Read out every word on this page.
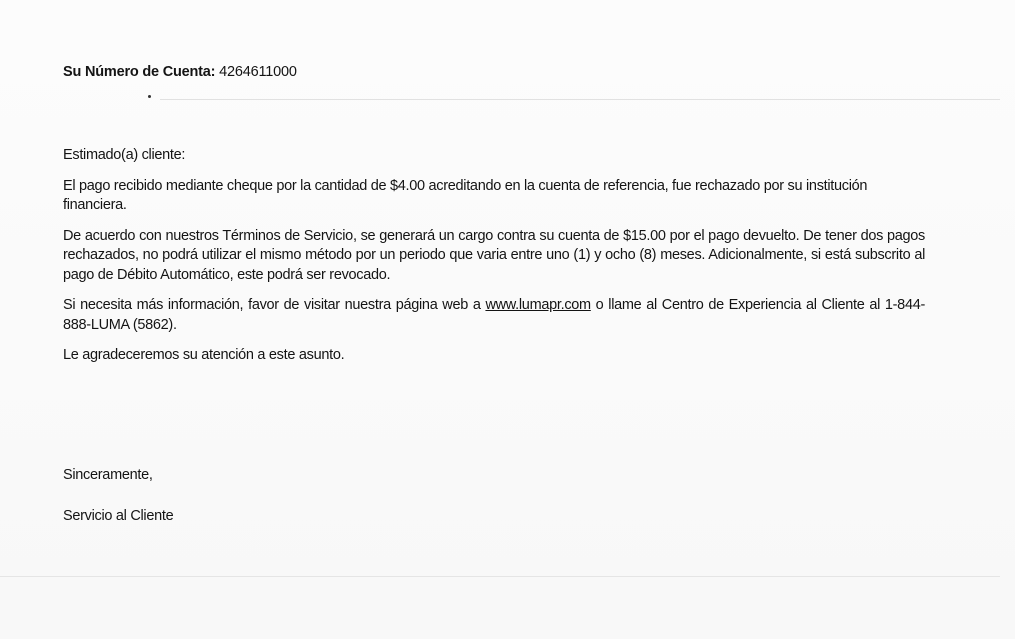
Su Número de Cuenta: 4264611000

Estimado(a) cliente:

El pago recibido mediante cheque por la cantidad de $4.00 acreditando en la cuenta de referencia, fue rechazado por su institución financiera.

De acuerdo con nuestros Términos de Servicio, se generará un cargo contra su cuenta de $15.00 por el pago devuelto. De tener dos pagos rechazados, no podrá utilizar el mismo método por un periodo que varia entre uno (1) y ocho (8) meses. Adicionalmente, si está subscrito al pago de Débito Automático, este podrá ser revocado.

Si necesita más información, favor de visitar nuestra página web a www.lumapr.com o llame al Centro de Experiencia al Cliente al 1-844-888-LUMA (5862).

Le agradeceremos su atención a este asunto.

Sinceramente,
Servicio al Cliente
